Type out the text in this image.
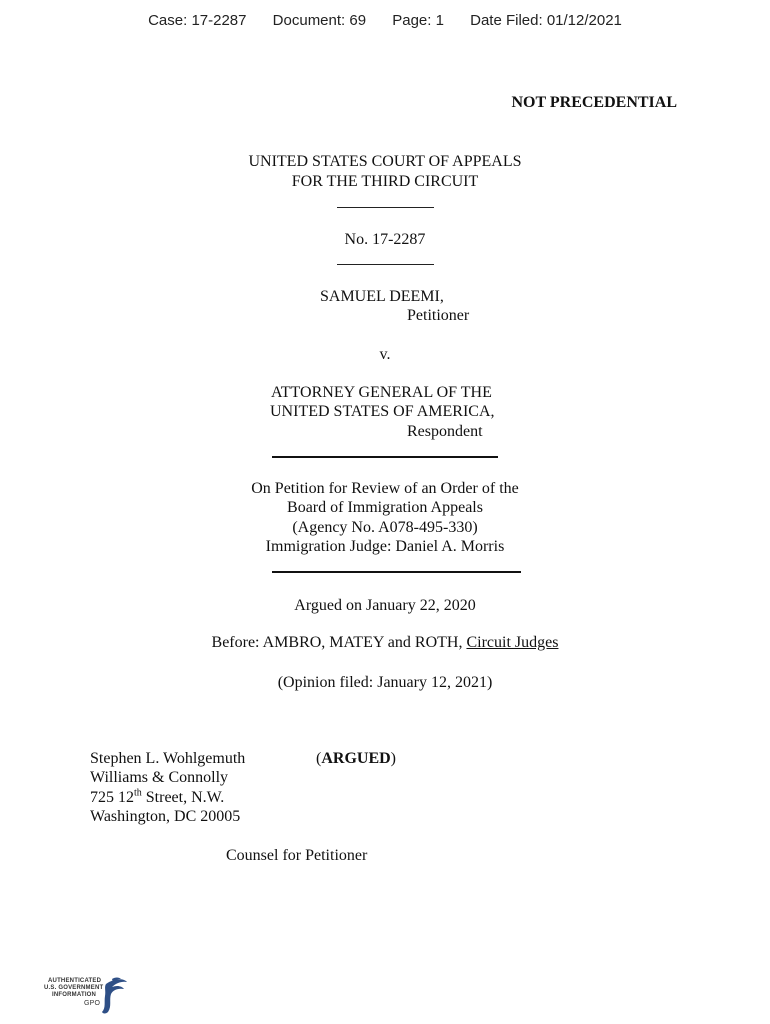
Case: 17-2287 Document: 69 Page: 1 Date Filed: 01/12/2021
NOT PRECEDENTIAL
UNITED STATES COURT OF APPEALS
FOR THE THIRD CIRCUIT
No. 17-2287
SAMUEL DEEMI,
Petitioner
v.
ATTORNEY GENERAL OF THE
UNITED STATES OF AMERICA,
Respondent
On Petition for Review of an Order of the
Board of Immigration Appeals
(Agency No. A078-495-330)
Immigration Judge: Daniel A. Morris
Argued on January 22, 2020
Before: AMBRO, MATEY and ROTH, Circuit Judges
(Opinion filed: January 12, 2021)
Stephen L. Wohlgemuth	(ARGUED)
Williams & Connolly
725 12th Street, N.W.
Washington, DC 20005
Counsel for Petitioner
AUTHENTICATED
U.S. GOVERNMENT
INFORMATION
GPO
